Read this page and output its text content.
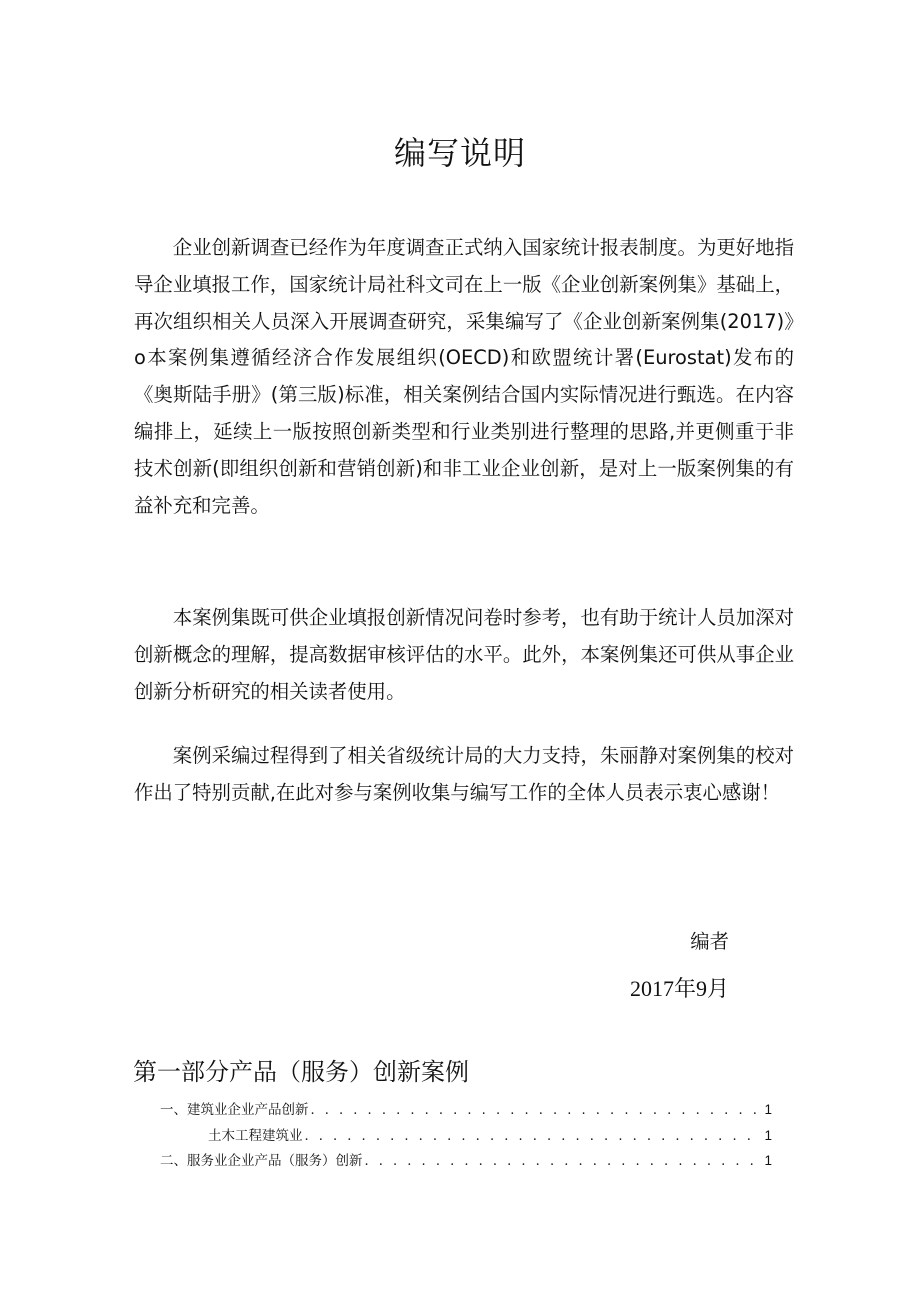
编写说明

企业创新调查已经作为年度调查正式纳入国家统计报表制度。为更好地指导企业填报工作，国家统计局社科文司在上一版《企业创新案例集》基础上，再次组织相关人员深入开展调查研究，采集编写了《企业创新案例集(2017)》o本案例集遵循经济合作发展组织(OECD)和欧盟统计署(Eurostat)发布的《奥斯陆手册》(第三版)标准，相关案例结合国内实际情况进行甄选。在内容编排上，延续上一版按照创新类型和行业类别进行整理的思路,并更侧重于非技术创新(即组织创新和营销创新)和非工业企业创新，是对上一版案例集的有益补充和完善。

本案例集既可供企业填报创新情况问卷时参考，也有助于统计人员加深对创新概念的理解，提高数据审核评估的水平。此外，本案例集还可供从事企业创新分析研究的相关读者使用。

案例采编过程得到了相关省级统计局的大力支持，朱丽静对案例集的校对作出了特别贡献,在此对参与案例收集与编写工作的全体人员表示衷心感谢！

编者
2017年9月
第一部分产品（服务）创新案例
一、建筑业企业产品创新 . . .	1
土木工程建筑业 . . .	1
二、服务业企业产品（服务）创新 . . .	1
